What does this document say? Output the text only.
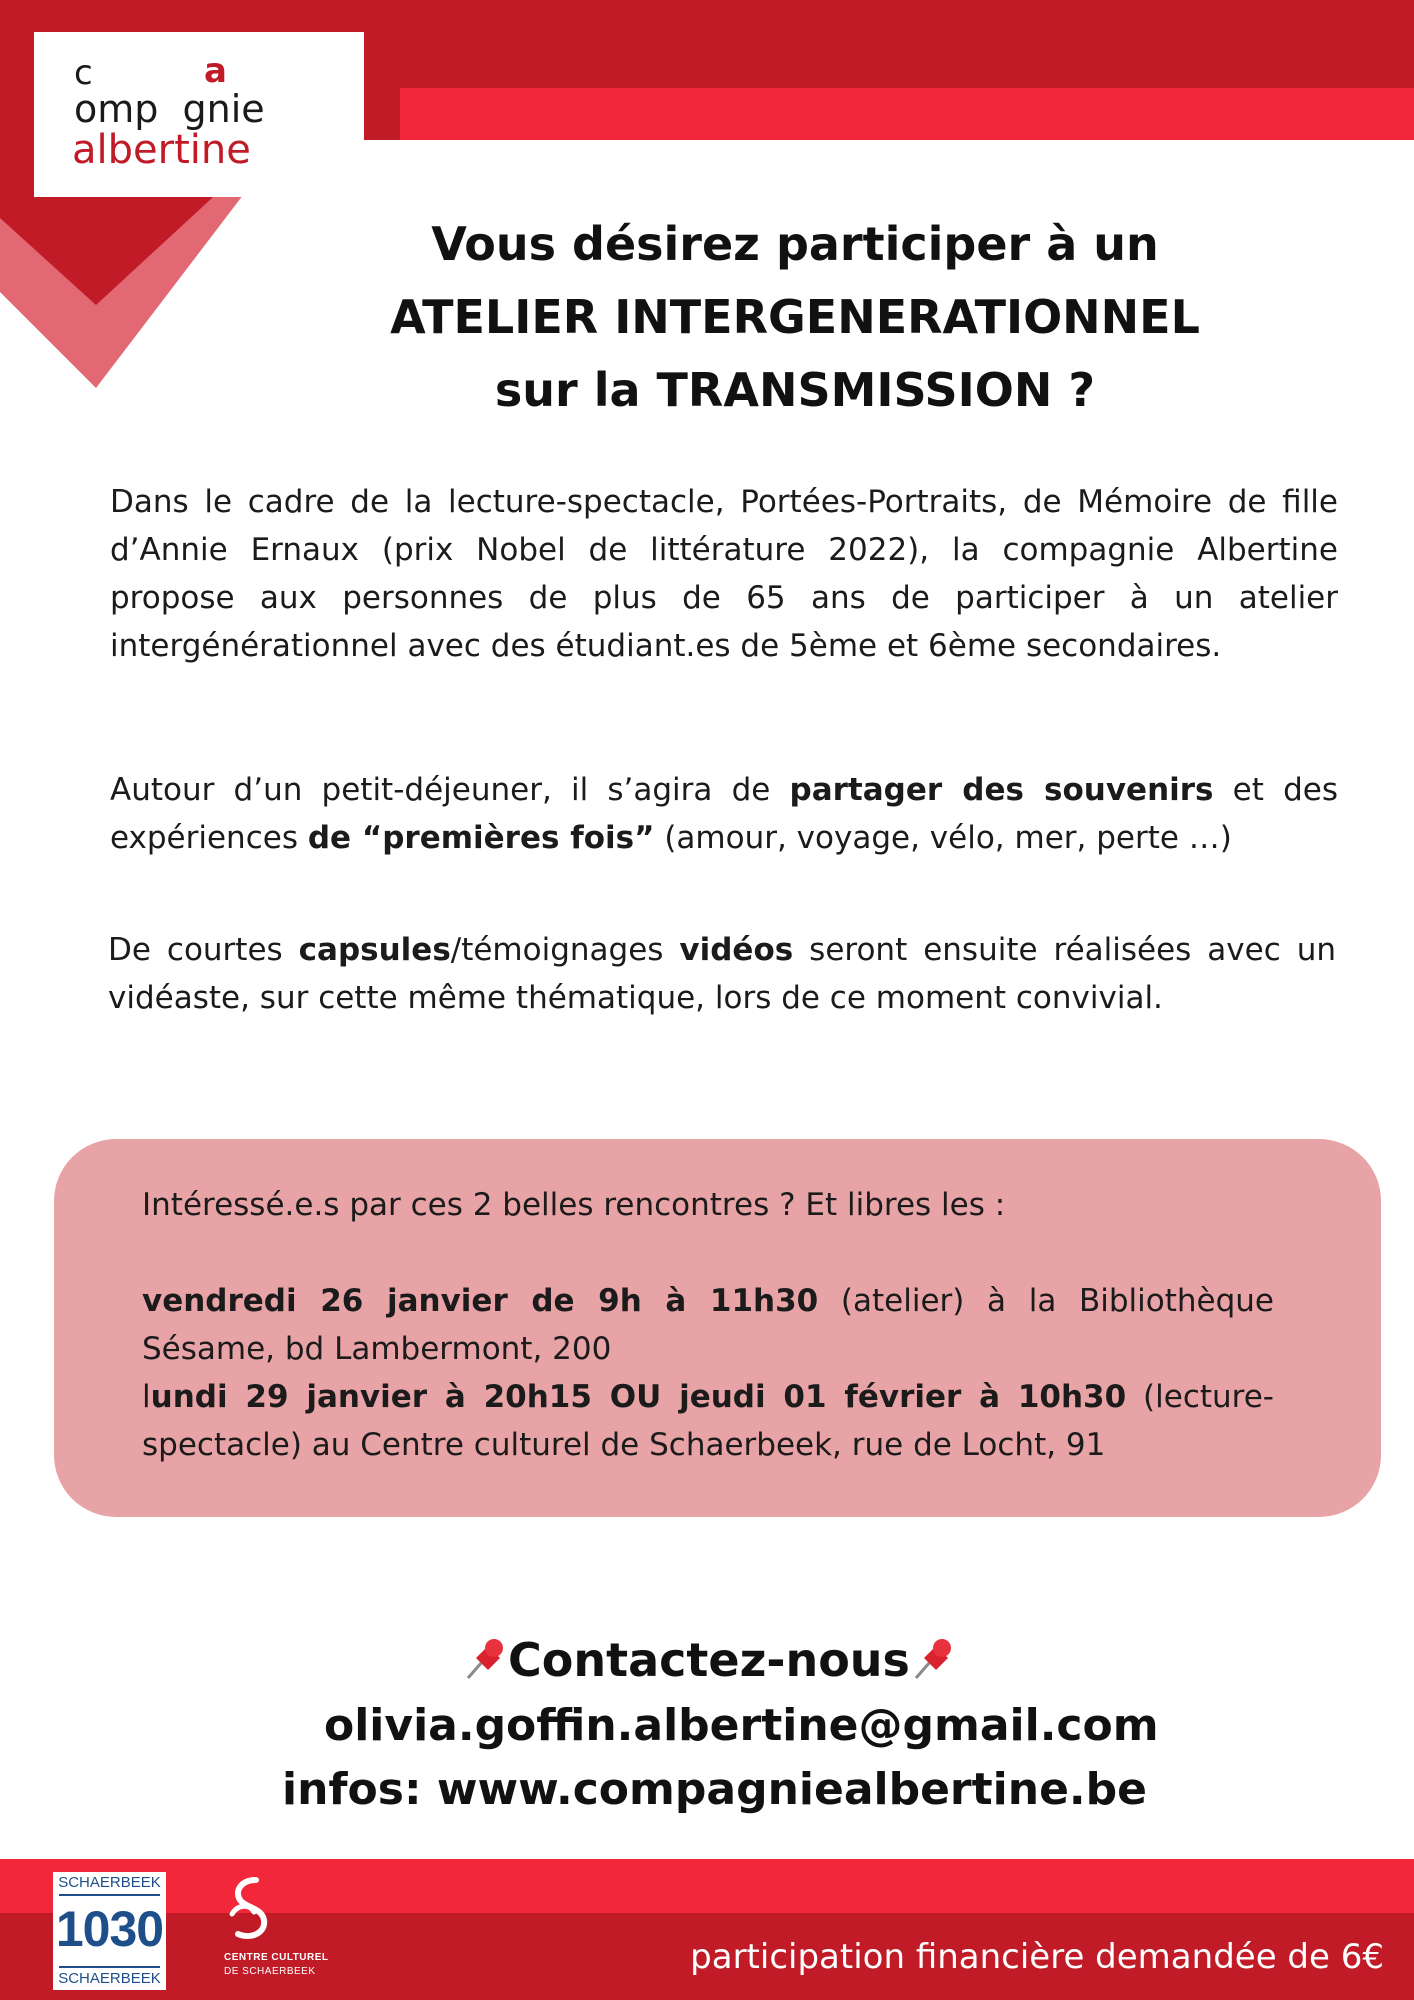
c	a
omp  gnie
albertine
Vous désirez participer à un
ATELIER INTERGENERATIONNEL
sur la TRANSMISSION ?
Dans le cadre de la lecture-spectacle, Portées-Portraits, de Mémoire de fille d’Annie Ernaux (prix Nobel de littérature 2022), la compagnie Albertine propose aux personnes de plus de 65 ans de participer à un atelier intergénérationnel avec des étudiant.es de 5ème et 6ème secondaires.
Autour d’un petit-déjeuner, il s’agira de partager des souvenirs et des expériences de “premières fois” (amour, voyage, vélo, mer, perte …)
De courtes capsules/témoignages vidéos seront ensuite réalisées avec un vidéaste, sur cette même thématique, lors de ce moment convivial.
Intéressé.e.s par ces 2 belles rencontres ? Et libres les :
vendredi 26 janvier de 9h à 11h30 (atelier) à la Bibliothèque Sésame, bd Lambermont, 200
lundi 29 janvier à 20h15 OU jeudi 01 février à 10h30 (lecture-spectacle) au Centre culturel de Schaerbeek, rue de Locht, 91
Contactez-nous
olivia.goffin.albertine@gmail.com
infos: www.compagniealbertine.be
SCHAERBEEK
1030
SCHAERBEEK
CENTRE CULTUREL
DE SCHAERBEEK	participation financière demandée de 6€
